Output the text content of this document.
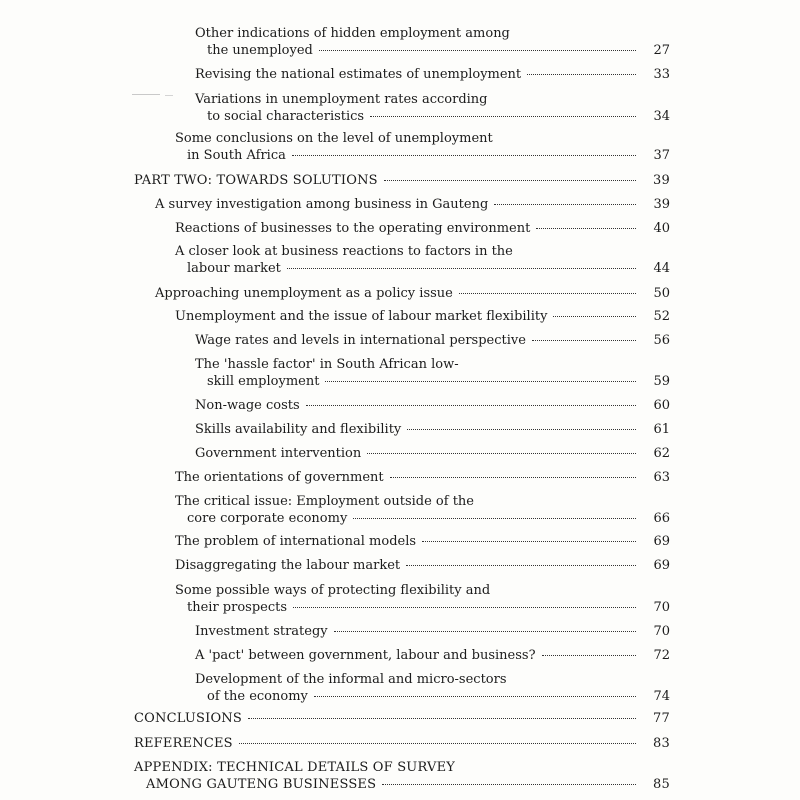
Other indications of hidden employment among
the unemployed	27
Revising the national estimates of unemployment	33
Variations in unemployment rates according
to social characteristics	34
Some conclusions on the level of unemployment
in South Africa	37
PART TWO: TOWARDS SOLUTIONS	39
A survey investigation among business in Gauteng	39
Reactions of businesses to the operating environment	40
A closer look at business reactions to factors in the
labour market	44
Approaching unemployment as a policy issue	50
Unemployment and the issue of labour market flexibility	52
Wage rates and levels in international perspective	56
The 'hassle factor' in South African low-
skill employment	59
Non-wage costs	60
Skills availability and flexibility	61
Government intervention	62
The orientations of government	63
The critical issue: Employment outside of the
core corporate economy	66
The problem of international models	69
Disaggregating the labour market	69
Some possible ways of protecting flexibility and
their prospects	70
Investment strategy	70
A 'pact' between government, labour and business?	72
Development of the informal and micro-sectors
of the economy	74
CONCLUSIONS	77
REFERENCES	83
APPENDIX: TECHNICAL DETAILS OF SURVEY
AMONG GAUTENG BUSINESSES	85
